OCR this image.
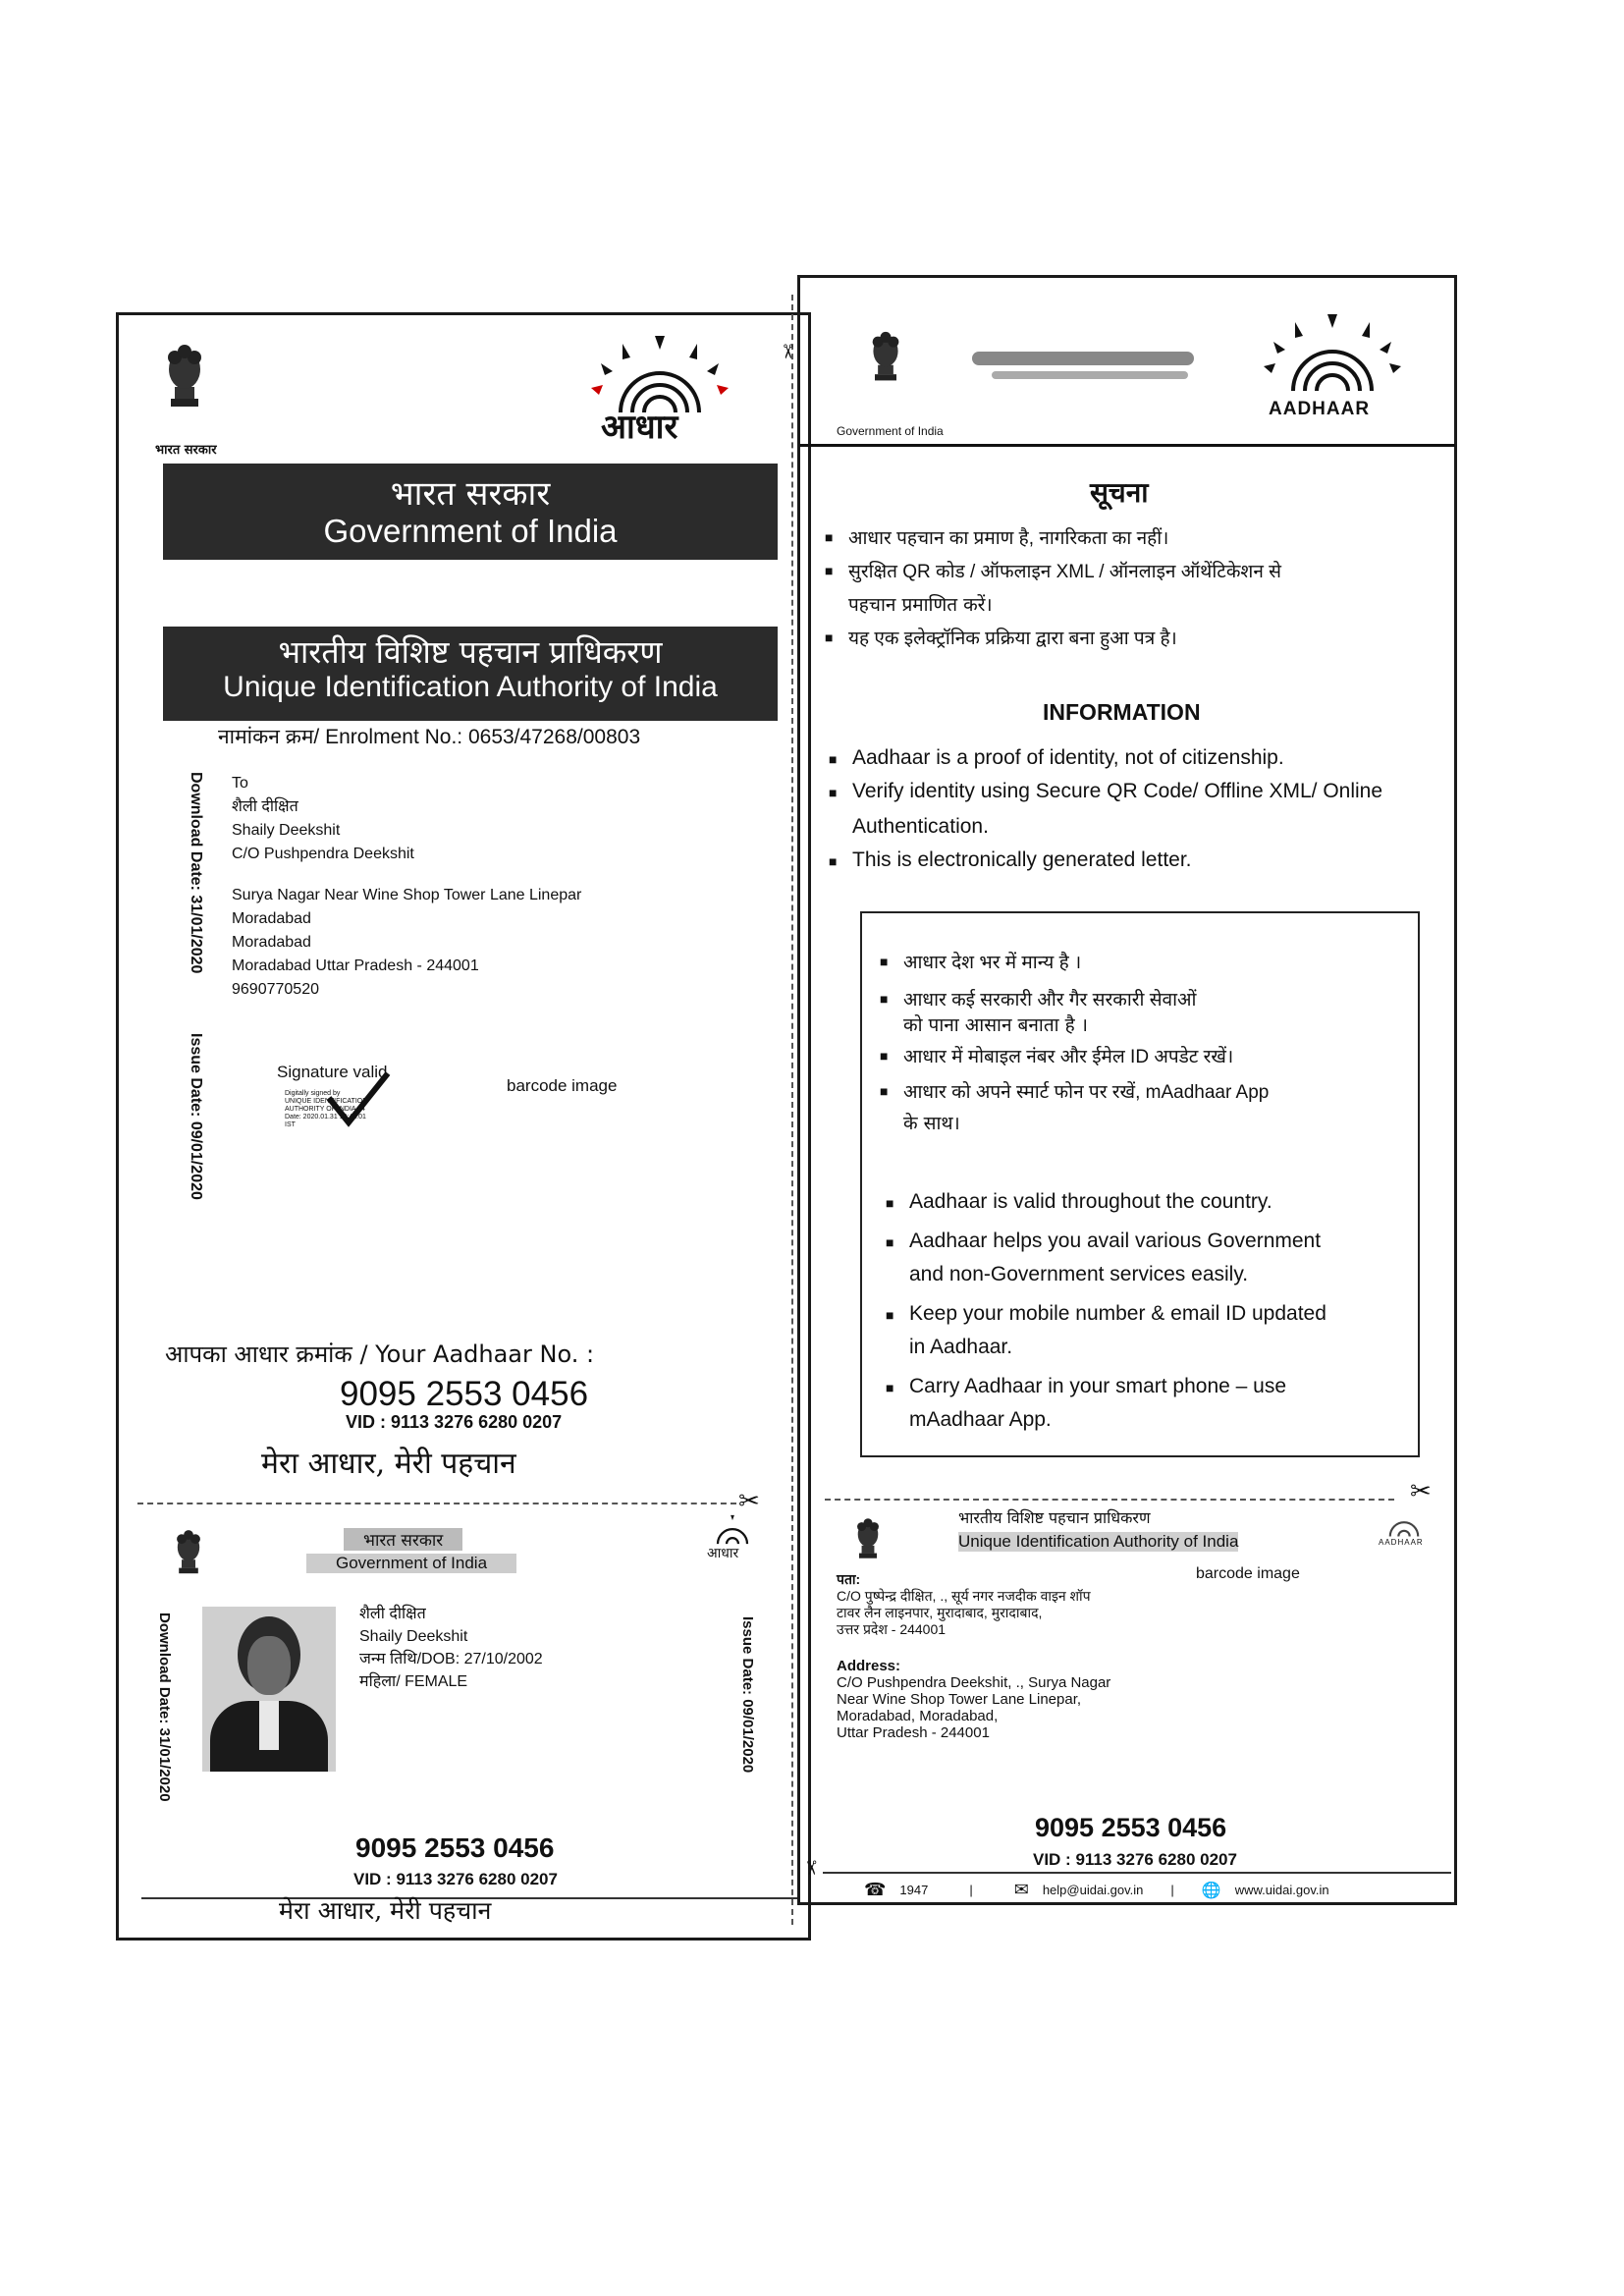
भारत सरकार
आधार
भारत सरकार
Government of India
भारतीय विशिष्ट पहचान प्राधिकरण
Unique Identification Authority of India
नामांकन क्रम/ Enrolment No.: 0653/47268/00803
Download Date: 31/01/2020
Issue Date: 09/01/2020
To
शैली दीक्षित
Shaily Deekshit
C/O Pushpendra Deekshit
Surya Nagar Near Wine Shop Tower Lane Linepar
Moradabad
Moradabad
Moradabad Uttar Pradesh - 244001
9690770520
Signature valid
Digitally signed by
UNIQUE IDENTIFICATION
AUTHORITY OF INDIA 04
Date: 2020.01.31 19:41:01
IST
barcode image
आपका आधार क्रमांक / Your Aadhaar No. :
9095 2553 0456
VID : 9113 3276 6280 0207
मेरा आधार, मेरी पहचान
✂
भारत सरकार
Government of India	आधार
Download Date: 31/01/2020	Issue Date: 09/01/2020
शैली दीक्षित
Shaily Deekshit
जन्म तिथि/DOB: 27/10/2002
महिला/ FEMALE
9095 2553 0456
VID : 9113 3276 6280 0207
मेरा आधार, मेरी पहचान
✂
✂
Government of India
AADHAAR
सूचना
■ आधार पहचान का प्रमाण है, नागरिकता का नहीं।
■ सुरक्षित QR कोड / ऑफलाइन XML / ऑनलाइन ऑथेंटिकेशन से
पहचान प्रमाणित करें।
■ यह एक इलेक्ट्रॉनिक प्रक्रिया द्वारा बना हुआ पत्र है।
INFORMATION
■ Aadhaar is a proof of identity, not of citizenship.
■ Verify identity using Secure QR Code/ Offline XML/ Online
Authentication.
■ This is electronically generated letter.
■ आधार देश भर में मान्य है ।
■ आधार कई सरकारी और गैर सरकारी सेवाओं
को पाना आसान बनाता है ।
■ आधार में मोबाइल नंबर और ईमेल ID अपडेट रखें।
■ आधार को अपने स्मार्ट फोन पर रखें, mAadhaar App
के साथ।
■ Aadhaar is valid throughout the country.
■ Aadhaar helps you avail various Government
and non-Government services easily.
■ Keep your mobile number & email ID updated
in Aadhaar.
■ Carry Aadhaar in your smart phone – use
mAadhaar App.
✂
भारतीय विशिष्ट पहचान प्राधिकरण
Unique Identification Authority of India	AADHAAR
barcode image
पता:
C/O पुष्पेन्द्र दीक्षित, ., सूर्य नगर नजदीक वाइन शॉप
टावर लैन लाइनपार, मुरादाबाद, मुरादाबाद,
उत्तर प्रदेश - 244001
Address:
C/O Pushpendra Deekshit, ., Surya Nagar
Near Wine Shop Tower Lane Linepar,
Moradabad, Moradabad,
Uttar Pradesh - 244001
9095 2553 0456
VID : 9113 3276 6280 0207
☎ 1947	| ✉ help@uidai.gov.in | 🌐 www.uidai.gov.in
